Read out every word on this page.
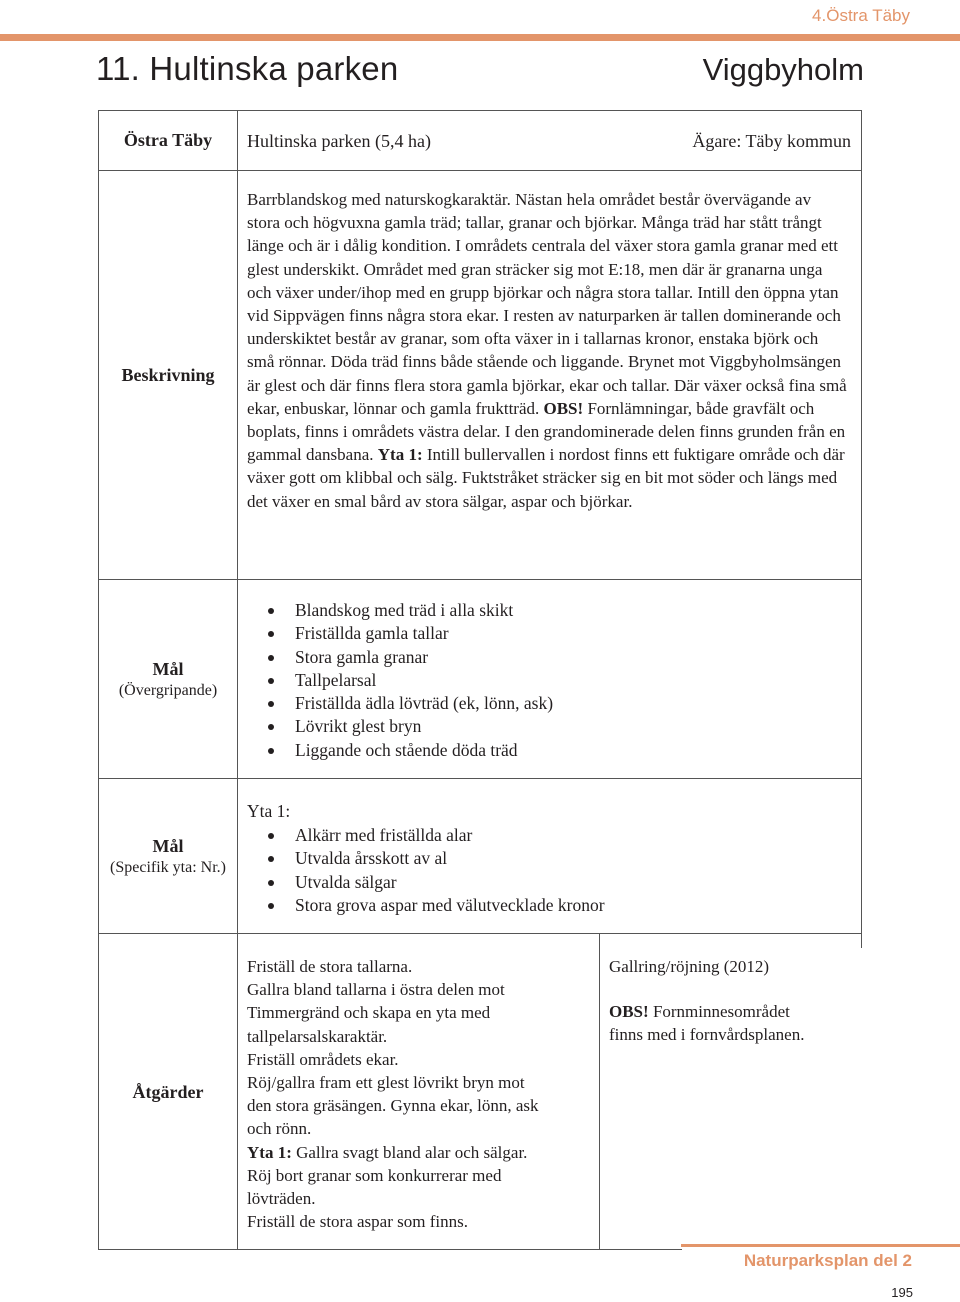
4.Östra Täby
11. Hultinska parken	Viggbyholm
Östra Täby Hultinska parken (5,4 ha)	Ägare: Täby kommun
Beskrivning

Barrblandskog med naturskogkaraktär. Nästan hela området består övervägande av stora och högvuxna gamla träd; tallar, granar och björkar. Många träd har stått trångt länge och är i dålig kondition. I områdets centrala del växer stora gamla granar med ett glest underskikt. Området med gran sträcker sig mot E:18, men där är granarna unga och växer under/ihop med en grupp björkar och några stora tallar. Intill den öppna ytan vid Sippvägen finns några stora ekar. I resten av naturparken är tallen dominerande och underskiktet består av granar, som ofta växer in i tallarnas kronor, enstaka björk och små rönnar. Döda träd finns både stående och liggande. Brynet mot Viggbyholmsängen är glest och där finns flera stora gamla björkar, ekar och tallar. Där växer också fina små ekar, enbuskar, lönnar och gamla fruktträd. OBS! Fornlämningar, både gravfält och boplats, finns i områdets västra delar. I den grandominerade delen finns grunden från en gammal dansbana. Yta 1: Intill bullervallen i nordost finns ett fuktigare område och där växer gott om klibbal och sälg. Fuktstråket sträcker sig en bit mot söder och längs med det växer en smal bård av stora sälgar, aspar och björkar.

Mål
(Övergripande)
Blandskog med träd i alla skikt
Friställda gamla tallar
Stora gamla granar
Tallpelarsal
Friställda ädla lövträd (ek, lönn, ask)
Lövrikt glest bryn
Liggande och stående döda träd
Mål
(Specifik yta: Nr.)
Yta 1:
Alkärr med friställda alar
Utvalda årsskott av al
Utvalda sälgar
Stora grova aspar med välutvecklade kronor
Åtgärder
Friställ de stora tallarna.
Gallra bland tallarna i östra delen mot
Timmergränd och skapa en yta med
tallpelarsalskaraktär.
Friställ områdets ekar.
Röj/gallra fram ett glest lövrikt bryn mot
den stora gräsängen. Gynna ekar, lönn, ask
och rönn.
Yta 1: Gallra svagt bland alar och sälgar.
Röj bort granar som konkurrerar med
lövträden.
Friställ de stora aspar som finns.
Gallring/röjning (2012)
OBS! Fornminnesområdet
finns med i fornvårdsplanen.
Naturparksplan del 2
195
